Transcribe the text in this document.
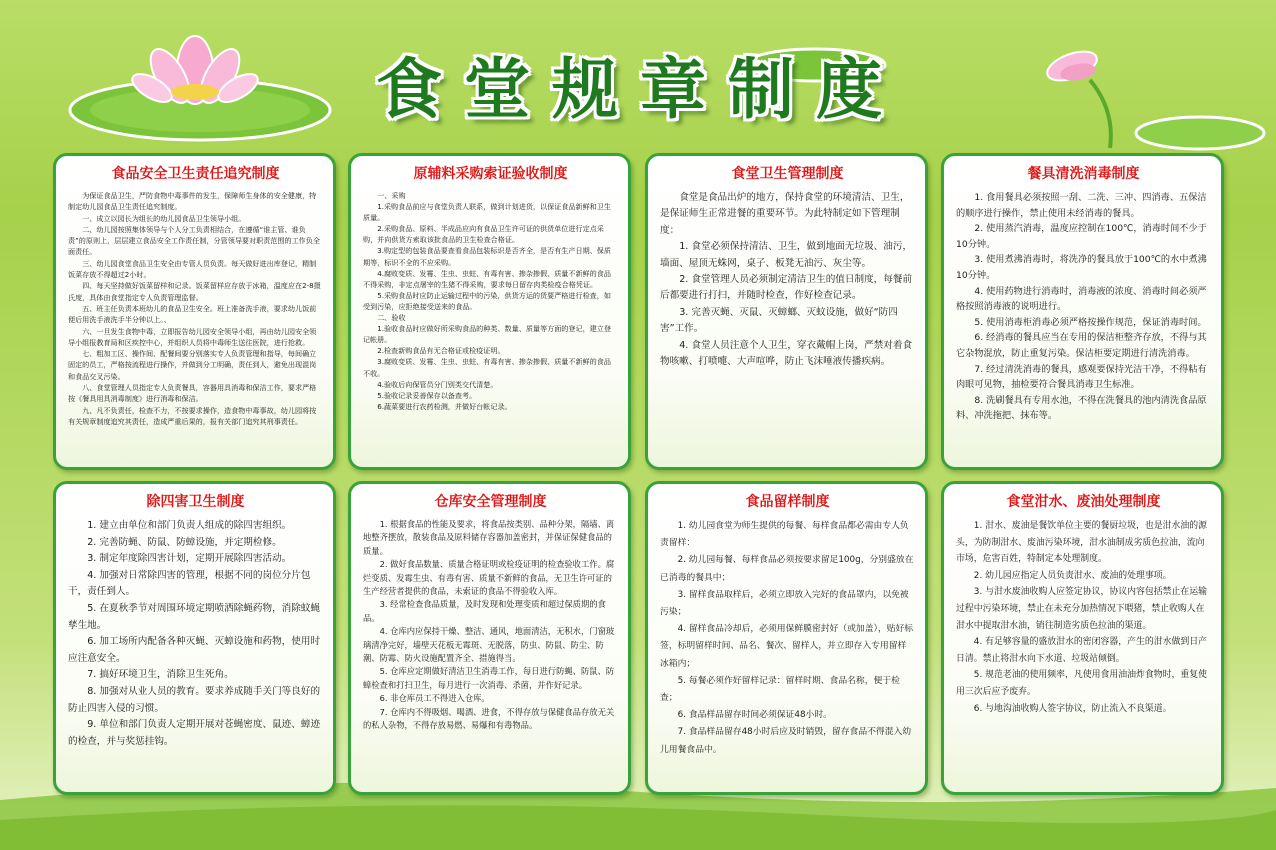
食堂规章制度
食品安全卫生责任追究制度

为保证食品卫生，严防食物中毒事件的发生，保障师生身体的安全健康，特制定幼儿园食品卫生责任追究制度。

一、成立以园长为组长的幼儿园食品卫生领导小组。

二、幼儿园按照集体领导与个人分工负责相结合，在遵循“谁主管、谁负责”的原则上，层层建立食品安全工作责任制，分管领导要对职责范围的工作负全面责任。

三、幼儿园食堂食品卫生安全由专管人员负责。每天做好进出库登记，精制饭菜存放不得超过2小时。

四、每天坚持做好饭菜留样和记录。饭菜留样应存放于冰箱，温度应在2-8摄氏度，具体由食堂指定专人负责管理监督。

五、班主任负责本班幼儿的食品卫生安全。班上准备洗手液，要求幼儿饭前便后用洗手液洗手半分钟以上。、

六、一旦发生食物中毒，立即报告幼儿园安全领导小组，再由幼儿园安全领导小组报教育局和区疾控中心，并组织人员将中毒师生送往医院，进行抢救。

七、粗加工区、操作间、配餐间要分别落实专人负责管理和指导，每间确立固定的员工，严格按流程进行操作，并做到分工明确，责任到人，避免出现混岗和食品交叉污染。

八、食堂管理人员指定专人负责餐具，容器用具消毒和保洁工作，要求严格按《餐具用具消毒制度》进行消毒和保洁。

九、凡不负责任，检查不力，不按要求操作，造食物中毒事故，幼儿园将按有关规章制度追究其责任，造成严重后果的，报有关部门追究其刑事责任。

原辅料采购索证验收制度

一、采购

1.采购食品前应与食堂负责人联系，做到计划进货，以保证食品新鲜和卫生质量。

2.采购食品、原料、半成品应向有食品卫生许可证的供货单位进行定点采购，并向供货方索取该批食品的卫生检查合格证。

3.购定型的包装食品要查看食品包装标识是否齐全，是否有生产日期、保质期等，标识不全的不应采购。

4.腐败变质、发霉、生虫、虫蛀、有毒有害、掺杂掺假、质量不新鲜的食品不得采购，非定点屠宰的生猪不得采购，要求每日留存肉类检疫合格凭证。

5.采购食品时应防止运输过程中的污染，供货方运的货要严格进行检查，如受到污染，应拒绝接受送来的食品。

二、验收

1.验收食品时应做好所采购食品的种类、数量、质量等方面的登记，建立登记帐册。

2.检查新购食品有无合格证或检疫证明。

3.腐败变质、发霉、生虫、虫蛀、有毒有害、掺杂掺假、质量不新鲜的食品不收。

4.验收后向保管员分门别类交代清楚。

5.验收记录妥善保存以备查考。

6.蔬菜要进行农药检测，并做好台帐记录。

食堂卫生管理制度

食堂是食品出炉的地方，保持食堂的环境清洁、卫生，是保证师生正常进餐的重要环节。为此特制定如下管理制度：

1. 食堂必须保持清洁、卫生，做到地面无垃圾、油污，墙面、屋顶无蛛网，桌子、板凳无油污、灰尘等。

2. 食堂管理人员必须制定清洁卫生的值日制度，每餐前后都要进行打扫，并随时检查，作好检查记录。

3. 完善灭蝇、灭鼠、灭蟑螂、灭蚊设施，做好“防四害”工作。

4. 食堂人员注意个人卫生，穿衣戴帽上岗，严禁对着食物咳嗽、打喷嚏、大声喧哗，防止飞沫唾液传播疾病。

餐具清洗消毒制度

1. 食用餐具必须按照一刮、二洗、三冲、四消毒、五保洁的顺序进行操作，禁止使用未经消毒的餐具。

2. 使用蒸汽消毒，温度应控制在100℃，消毒时间不少于10分钟。

3. 使用煮沸消毒时，将洗净的餐具放于100℃的水中煮沸10分钟。

4. 使用药物进行消毒时，消毒液的浓度、消毒时间必须严格按照消毒液的说明进行。

5. 使用消毒柜消毒必须严格按操作规范，保证消毒时间。

6. 经消毒的餐具应当在专用的保洁柜整齐存放，不得与其它杂物混放，防止重复污染。保洁柜要定期进行清洗消毒。

7. 经过清洗消毒的餐具，感观要保持光洁干净，不得粘有肉眼可见物，抽检要符合餐具消毒卫生标准。

8. 洗刷餐具有专用水池，不得在洗餐具的池内清洗食品原料、冲洗拖把、抹布等。

除四害卫生制度

1. 建立由单位和部门负责人组成的除四害组织。

2. 完善防蝇、防鼠、防蟑设施，并定期检修。

3. 制定年度除四害计划，定期开展除四害活动。

4. 加强对日常除四害的管理，根据不同的岗位分片包干，责任到人。

5. 在夏秋季节对周围环境定期喷洒除蝇药物，消除蚊蝇孳生地。

6. 加工场所内配备各种灭蝇、灭蟑设施和药物，使用时应注意安全。

7. 搞好环境卫生，消除卫生死角。

8. 加强对从业人员的教育。要求养成随手关门等良好的防止四害入侵的习惯。

9. 单位和部门负责人定期开展对苍蝇密度、鼠迹、蟑迹的检查，并与奖惩挂钩。

仓库安全管理制度

1. 根据食品的性能及要求，将食品按类别、品种分架，隔墙、离地整齐摆放，散装食品及原料储存容器加盖密封，并保证保健食品的质量。

2. 做好食品数量、质量合格证明或检疫证明的检查验收工作。腐烂变质、发霉生虫、有毒有害、质量不新鲜的食品，无卫生许可证的生产经营者提供的食品，未索证的食品不得验收入库。

3. 经常检查食品质量，及时发现和处理变质和超过保质期的食品。

4. 仓库内应保持干燥、整洁、通风，地面清洁，无积水，门窗玻璃清净完好，墙壁天花板无霉斑、无脱落，防虫、防鼠、防尘、防潮、防霉、防火设施配置齐全、措施得当。

5. 仓库应定期做好清洁卫生消毒工作，每日进行防蝇、防鼠、防蟑检查和打扫卫生，每月进行一次消毒、杀菌，并作好记录。

6. 非仓库员工不得进入仓库。

7. 仓库内不得吸烟、喝酒、进食，不得存放与保健食品存放无关的私人杂物，不得存放易燃、易爆和有毒物品。

食品留样制度

1. 幼儿园食堂为师生提供的每餐、每样食品都必需由专人负责留样：

2. 幼儿园每餐、每样食品必须按要求留足100g，分别盛放在已消毒的餐具中；

3. 留样食品取样后，必须立即放入完好的食品罩内，以免被污染；

4. 留样食品冷却后，必须用保鲜膜密封好（或加盖），贴好标签，标明留样时间、品名、餐次、留样人，并立即存入专用留样冰箱内；

5. 每餐必须作好留样记录：留样时期、食品名称，便于检查；

6. 食品样品留存时间必须保证48小时。

7. 食品样品留存48小时后应及时销毁，留存食品不得混入幼儿用餐食品中。

食堂泔水、废油处理制度

1. 泔水、废油是餐饮单位主要的餐厨垃圾，也是泔水油的源头，为防制泔水、废油污染环境，泔水油制成劣质色拉油，流向市场，危害百姓，特制定本处理制度。

2. 幼儿园应指定人员负责泔水、废油的处理事项。

3. 与泔水废油收购人应签定协议，协议内容包括禁止在运输过程中污染环境，禁止在未充分加热情况下喂猪，禁止收购人在泔水中提取泔水油，销往制造劣质色拉油的渠道。

4. 有足够容量的盛放泔水的密闭容器，产生的泔水做到日产日清。禁止将泔水向下水道、垃圾站倾倒。

5. 规范老油的使用频率，凡使用食用油油炸食物时，重复使用三次后应予废弃。

6. 与地沟油收购人签字协议，防止流入不良渠道。
